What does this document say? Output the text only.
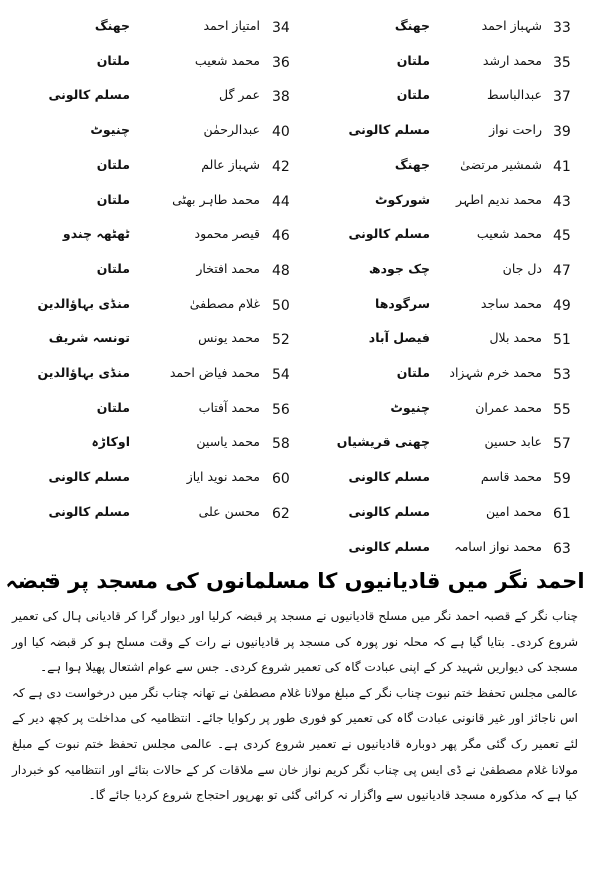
33
شہباز احمد
جھنگ
34
امتیاز احمد
جھنگ
35
محمد ارشد
ملتان
36
محمد شعیب
ملتان
37
عبدالباسط
ملتان
38
عمر گل
مسلم کالونی
39
راحت نواز
مسلم کالونی
40
عبدالرحمٰن
چنیوٹ
41
شمشیر مرتضیٰ
جھنگ
42
شہباز عالم
ملتان
43
محمد ندیم اطہر
شورکوٹ
44
محمد طاہر بھٹی
ملتان
45
محمد شعیب
مسلم کالونی
46
قیصر محمود
ٹھٹھہ چندو
47
دل جان
چک جودھ
48
محمد افتخار
ملتان
49
محمد ساجد
سرگودھا
50
غلام مصطفیٰ
منڈی بہاؤالدین
51
محمد بلال
فیصل آباد
52
محمد یونس
تونسہ شریف
53
محمد خرم شہزاد
ملتان
54
محمد فیاض احمد
منڈی بہاؤالدین
55
محمد عمران
چنیوٹ
56
محمد آفتاب
ملتان
57
عابد حسین
چھنی قریشیاں
58
محمد یاسین
اوکاڑہ
59
محمد قاسم
مسلم کالونی
60
محمد نوید ایاز
مسلم کالونی
61
محمد امین
مسلم کالونی
62
محسن علی
مسلم کالونی
63
محمد نواز اسامہ
مسلم کالونی
احمد نگر میں قادیانیوں کا مسلمانوں کی مسجد پر قبضہ

چناب نگر کے قصبہ احمد نگر میں مسلح قادیانیوں نے مسجد پر قبضہ کرلیا اور دیوار گرا کر قادیانی ہال کی تعمیر شروع کردی۔ بتایا گیا ہے کہ محلہ نور پورہ کی مسجد پر قادیانیوں نے رات کے وقت مسلح ہو کر قبضہ کیا اور مسجد کی دیواریں شہید کر کے اپنی عبادت گاہ کی تعمیر شروع کردی۔ جس سے عوام اشتعال پھیلا ہوا ہے۔

عالمی مجلس تحفظ ختم نبوت چناب نگر کے مبلغ مولانا غلام مصطفیٰ نے تھانہ چناب نگر میں درخواست دی ہے کہ اس ناجائز اور غیر قانونی عبادت گاہ کی تعمیر کو فوری طور پر رکوایا جائے۔ انتظامیہ کی مداخلت پر کچھ دیر کے لئے تعمیر رک گئی مگر پھر دوبارہ قادیانیوں نے تعمیر شروع کردی ہے۔ عالمی مجلس تحفظ ختم نبوت کے مبلغ مولانا غلام مصطفیٰ نے ڈی ایس پی چناب نگر کریم نواز خان سے ملاقات کر کے حالات بتائے اور انتظامیہ کو خبردار کیا ہے کہ مذکورہ مسجد قادیانیوں سے واگزار نہ کرائی گئی تو بھرپور احتجاج شروع کردیا جائے گا۔
